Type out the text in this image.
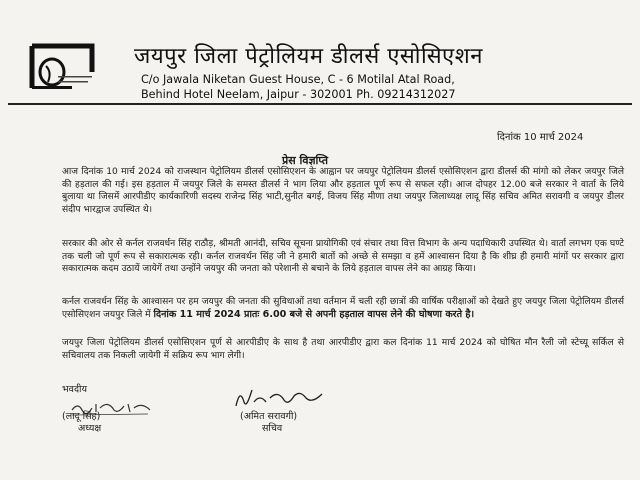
जयपुर जिला पेट्रोलियम डीलर्स एसोसिएशन
C/o Jawala Niketan Guest House, C - 6 Motilal Atal Road,
Behind Hotel Neelam, Jaipur - 302001 Ph. 09214312027
दिनांक 10 मार्च 2024
प्रेस विज्ञप्ति
आज दिनांक 10 मार्च 2024 को राजस्थान पेट्रोलियम डीलर्स एसोसिएशन के आह्वान पर जयपुर पेट्रोलियम डीलर्स एसोसिएशन द्वारा डीलर्स की मांगो को लेकर जयपुर जिले की हड़ताल की गई। इस हड़ताल में जयपुर जिले के समस्त डीलर्स ने भाग लिया और हड़ताल पूर्ण रूप से सफल रही। आज दोपहर 12.00 बजे सरकार ने वार्ता के लिये बुलाया था जिसमें आरपीडीए कार्यकारिणी सदस्य राजेन्द्र सिंह भाटी,सुनीत बगई, विजय सिंह मीणा तथा जयपुर जिलाध्यक्ष लादू सिंह सचिव अमित सरावगी व जयपुर डीलर संदीप भारद्वाज उपस्थित थे।
सरकार की ओर से कर्नल राजवर्धन सिंह राठौड़, श्रीमती आनंदी, सचिव सूचना प्रायोगिकी एवं संचार तथा वित्त विभाग के अन्य पदाधिकारी उपस्थित थे। वार्ता लगभग एक घण्टे तक चली जो पूर्ण रूप से सकारात्मक रही। कर्नल राजवर्धन सिंह जी ने हमारी बातों को अच्छे से समझा व हमें आश्वासन दिया है कि शीघ्र ही हमारी मांगों पर सरकार द्वारा सकारात्मक कदम उठायें जायेगें तथा उन्होंने जयपुर की जनता को परेशानी से बचाने के लिये हड़ताल वापस लेने का आग्रह किया।
कर्नल राजवर्धन सिंह के आश्वासन पर हम जयपुर की जनता की सुविधाओं तथा वर्तमान में चली रही छात्रों की वार्षिक परीक्षाओं को देखते हुए जयपुर जिला पेट्रोलियम डीलर्स एसोसिएशन जयपुर जिले में दिनांक 11 मार्च 2024 प्रातः 6.00 बजे से अपनी हड़ताल वापस लेने की घोषणा करते है।
जयपुर जिला पेट्रोलियम डीलर्स एसोसिएशन पूर्ण से आरपीडीए के साथ है तथा आरपीडीए द्वारा कल दिनांक 11 मार्च 2024 को घोषित मौन रैली जो स्टेच्यू सर्किल से सचिवालय तक निकली जायेगी में सक्रिय रूप भाग लेगी।
भवदीय
(लादू सिंह)
अध्यक्ष
(अमित सरावगी)
सचिव
